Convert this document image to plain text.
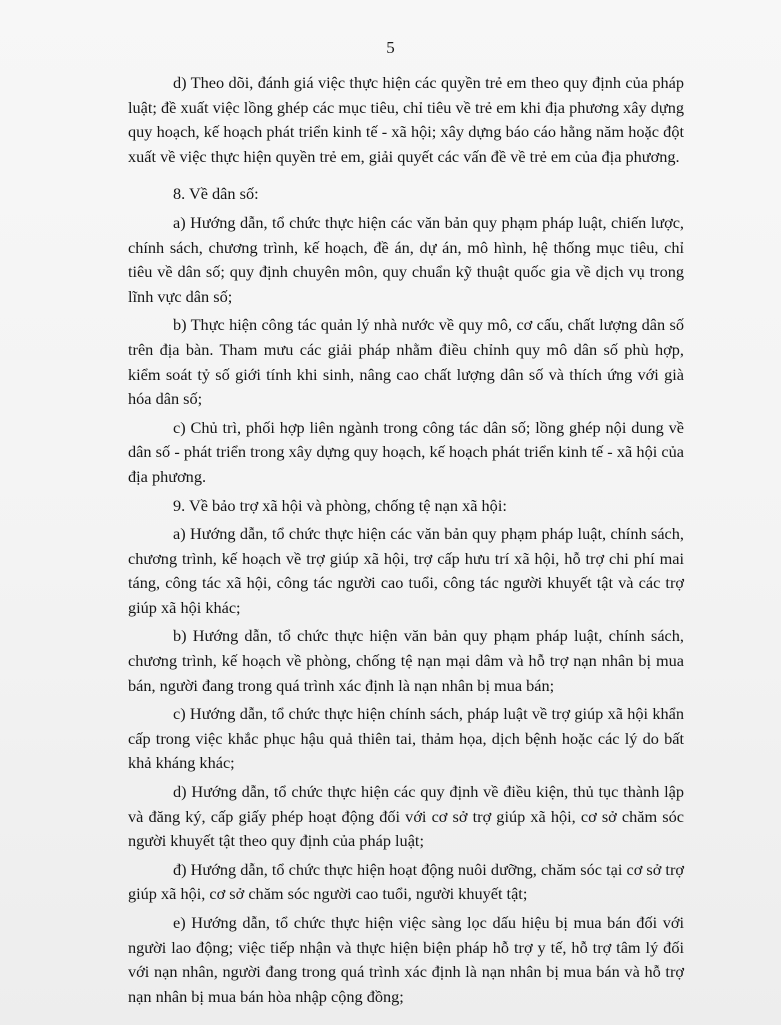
5

d) Theo dõi, đánh giá việc thực hiện các quyền trẻ em theo quy định của pháp luật; đề xuất việc lồng ghép các mục tiêu, chỉ tiêu về trẻ em khi địa phương xây dựng quy hoạch, kế hoạch phát triển kinh tế - xã hội; xây dựng báo cáo hằng năm hoặc đột xuất về việc thực hiện quyền trẻ em, giải quyết các vấn đề về trẻ em của địa phương.

8. Về dân số:

a) Hướng dẫn, tổ chức thực hiện các văn bản quy phạm pháp luật, chiến lược, chính sách, chương trình, kế hoạch, đề án, dự án, mô hình, hệ thống mục tiêu, chỉ tiêu về dân số; quy định chuyên môn, quy chuẩn kỹ thuật quốc gia về dịch vụ trong lĩnh vực dân số;

b) Thực hiện công tác quản lý nhà nước về quy mô, cơ cấu, chất lượng dân số trên địa bàn. Tham mưu các giải pháp nhằm điều chỉnh quy mô dân số phù hợp, kiểm soát tỷ số giới tính khi sinh, nâng cao chất lượng dân số và thích ứng với già hóa dân số;

c) Chủ trì, phối hợp liên ngành trong công tác dân số; lồng ghép nội dung về dân số - phát triển trong xây dựng quy hoạch, kế hoạch phát triển kinh tế - xã hội của địa phương.

9. Về bảo trợ xã hội và phòng, chống tệ nạn xã hội:

a) Hướng dẫn, tổ chức thực hiện các văn bản quy phạm pháp luật, chính sách, chương trình, kế hoạch về trợ giúp xã hội, trợ cấp hưu trí xã hội, hỗ trợ chi phí mai táng, công tác xã hội, công tác người cao tuổi, công tác người khuyết tật và các trợ giúp xã hội khác;

b) Hướng dẫn, tổ chức thực hiện văn bản quy phạm pháp luật, chính sách, chương trình, kế hoạch về phòng, chống tệ nạn mại dâm và hỗ trợ nạn nhân bị mua bán, người đang trong quá trình xác định là nạn nhân bị mua bán;

c) Hướng dẫn, tổ chức thực hiện chính sách, pháp luật về trợ giúp xã hội khẩn cấp trong việc khắc phục hậu quả thiên tai, thảm họa, dịch bệnh hoặc các lý do bất khả kháng khác;

d) Hướng dẫn, tổ chức thực hiện các quy định về điều kiện, thủ tục thành lập và đăng ký, cấp giấy phép hoạt động đối với cơ sở trợ giúp xã hội, cơ sở chăm sóc người khuyết tật theo quy định của pháp luật;

đ) Hướng dẫn, tổ chức thực hiện hoạt động nuôi dưỡng, chăm sóc tại cơ sở trợ giúp xã hội, cơ sở chăm sóc người cao tuổi, người khuyết tật;

e) Hướng dẫn, tổ chức thực hiện việc sàng lọc dấu hiệu bị mua bán đối với người lao động; việc tiếp nhận và thực hiện biện pháp hỗ trợ y tế, hỗ trợ tâm lý đối với nạn nhân, người đang trong quá trình xác định là nạn nhân bị mua bán và hỗ trợ nạn nhân bị mua bán hòa nhập cộng đồng;
